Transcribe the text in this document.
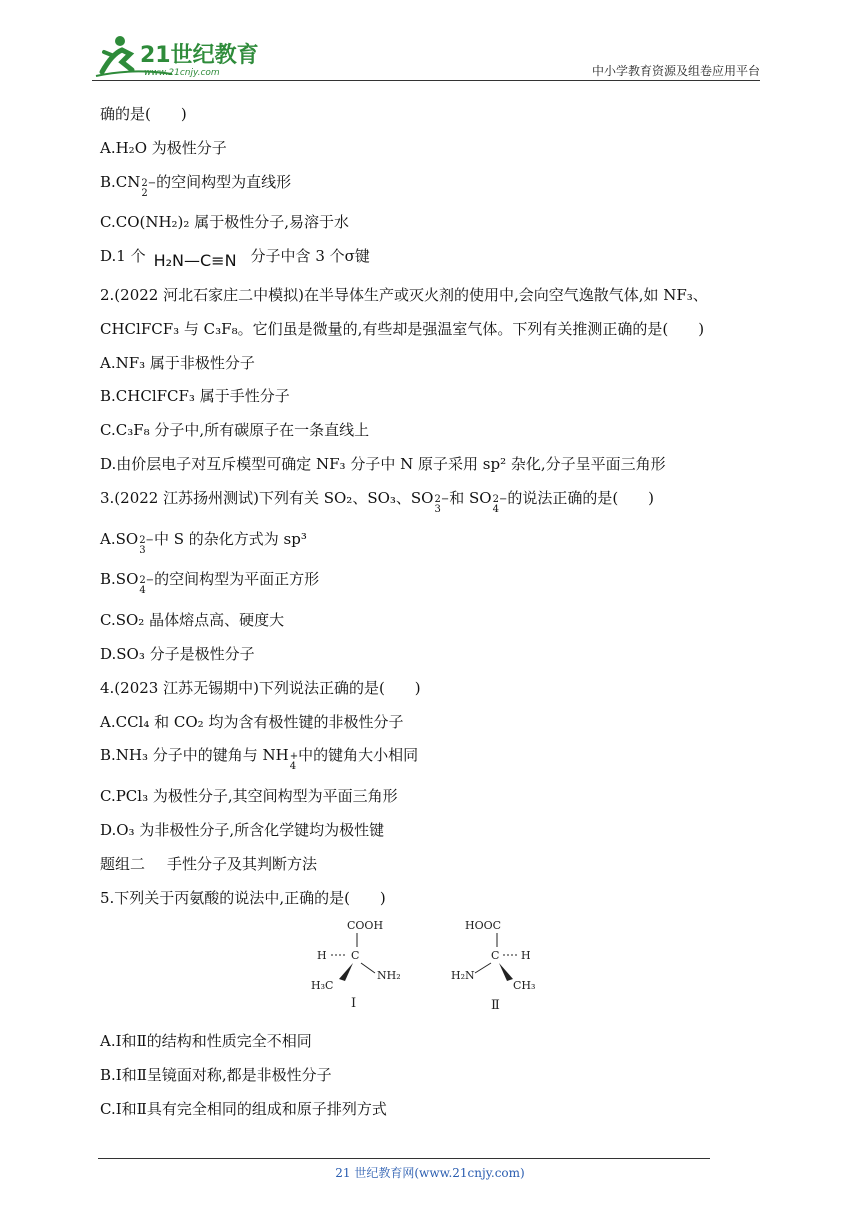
21世纪教育
www.21cnjy.com	中小学教育资源及组卷应用平台

确的是(　　)

A.H₂O 为极性分子

B.CN 2−
2
的空间构型为直线形

C.CO(NH₂)₂ 属于极性分子,易溶于水

D.1 个 H₂N—C≡N 分子中含 3 个σ键

2.(2022 河北石家庄二中模拟)在半导体生产或灭火剂的使用中,会向空气逸散气体,如 NF₃、

CHClFCF₃ 与 C₃F₈。它们虽是微量的,有些却是强温室气体。下列有关推测正确的是(　　)

A.NF₃ 属于非极性分子

B.CHClFCF₃ 属于手性分子

C.C₃F₈ 分子中,所有碳原子在一条直线上

D.由价层电子对互斥模型可确定 NF₃ 分子中 N 原子采用 sp² 杂化,分子呈平面三角形

3.(2022 江苏扬州测试)下列有关 SO₂、SO₃、SO 2−
3
和 SO 2−
4
的说法正确的是(　　)

A.SO 2−
3
中 S 的杂化方式为 sp³

B.SO 2−
4
的空间构型为平面正方形

C.SO₂ 晶体熔点高、硬度大

D.SO₃ 分子是极性分子

4.(2023 江苏无锡期中)下列说法正确的是(　　)

A.CCl₄ 和 CO₂ 均为含有极性键的非极性分子

B.NH₃ 分子中的键角与 NH +
4
中的键角大小相同

C.PCl₃ 为极性分子,其空间构型为平面三角形

D.O₃ 为非极性分子,所含化学键均为极性键

题组二 手性分子及其判断方法

5.下列关于丙氨酸的说法中,正确的是(　　)

COOH
H C
H₃C
NH₂
Ⅰ
HOOC
C H
H₂N
CH₃
Ⅱ

A.Ⅰ和Ⅱ的结构和性质完全不相同

B.Ⅰ和Ⅱ呈镜面对称,都是非极性分子

C.Ⅰ和Ⅱ具有完全相同的组成和原子排列方式

21 世纪教育网(www.21cnjy.com)
